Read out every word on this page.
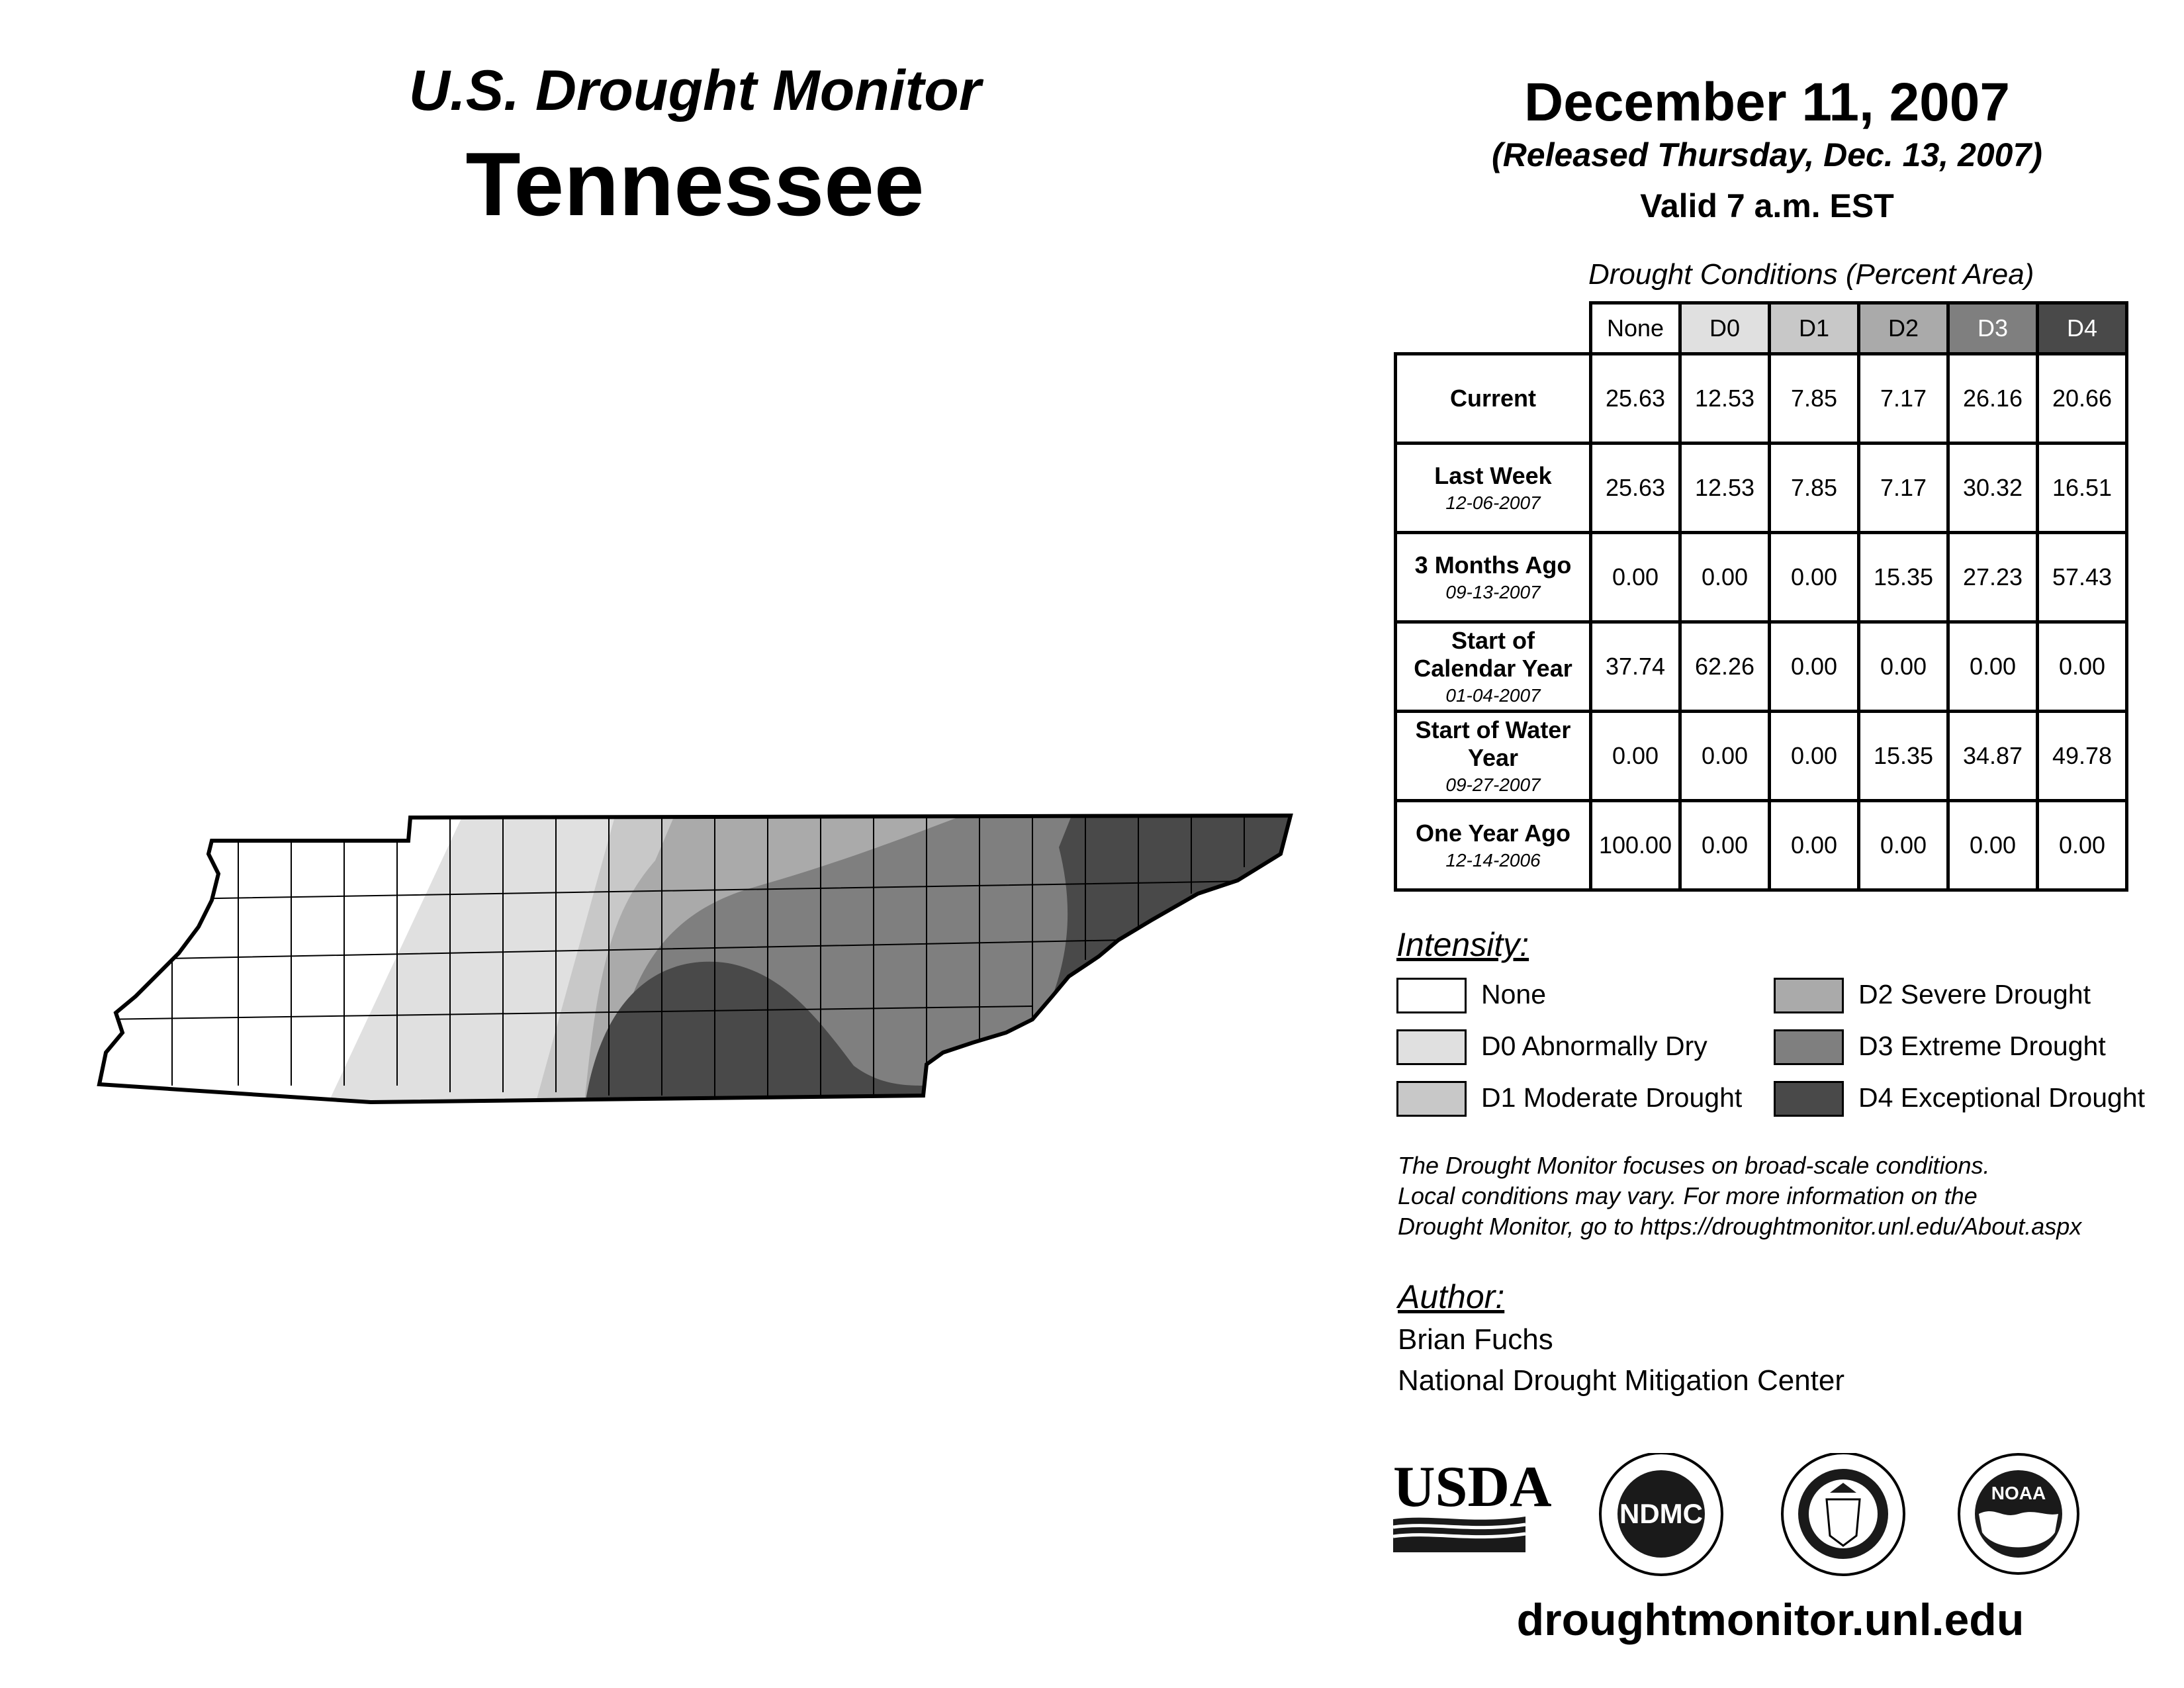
U.S. Drought Monitor
Tennessee
December 11, 2007
(Released Thursday, Dec. 13, 2007)
Valid 7 a.m. EST
Drought Conditions (Percent Area)
	None	D0	D1	D2	D3	D4

Current	25.63	12.53	7.85	7.17	26.16	20.66

Last Week
12-06-2007	25.63	12.53	7.85	7.17	30.32	16.51

3 Months Ago
09-13-2007	0.00	0.00	0.00	15.35	27.23	57.43

Start of Calendar Year
01-04-2007	37.74	62.26	0.00	0.00	0.00	0.00

Start of Water Year
09-27-2007	0.00	0.00	0.00	15.35	34.87	49.78

One Year Ago
12-14-2006	100.00	0.00	0.00	0.00	0.00	0.00
Intensity:
None
D0 Abnormally Dry
D1 Moderate Drought
D2 Severe Drought
D3 Extreme Drought
D4 Exceptional Drought
The Drought Monitor focuses on broad-scale conditions.
Local conditions may vary. For more information on the
Drought Monitor, go to https://droughtmonitor.unl.edu/About.aspx
Author:
Brian Fuchs
National Drought Mitigation Center
USDA NDMC
NOAA
droughtmonitor.unl.edu
